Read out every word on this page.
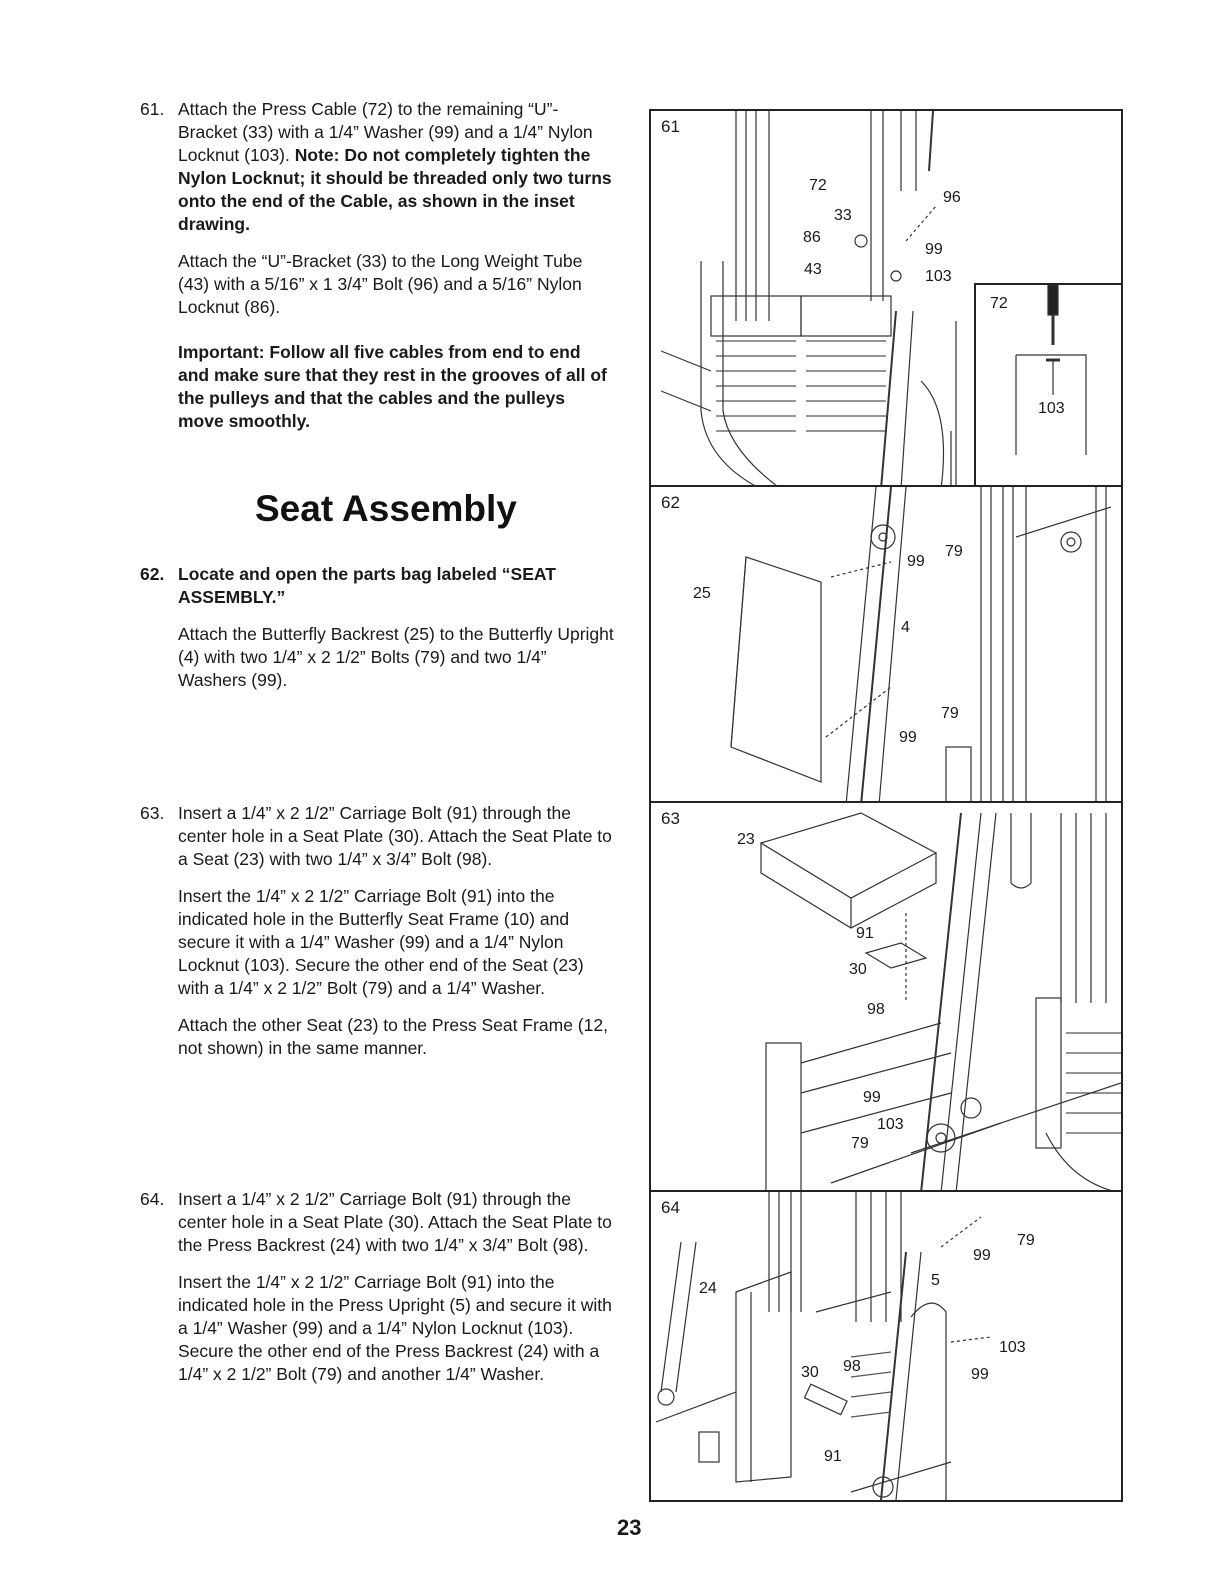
61. Attach the Press Cable (72) to the remaining “U”-Bracket (33) with a 1/4” Washer (99) and a 1/4” Nylon Locknut (103). Note: Do not completely tighten the Nylon Locknut; it should be threaded only two turns onto the end of the Cable, as shown in the inset drawing.

Attach the “U”-Bracket (33) to the Long Weight Tube (43) with a 5/16” x 1 3/4” Bolt (96) and a 5/16” Nylon Locknut (86).

Important: Follow all five cables from end to end and make sure that they rest in the grooves of all of the pulleys and that the cables and the pulleys move smoothly.

Seat Assembly
62. Locate and open the parts bag labeled “SEAT ASSEMBLY.”

Attach the Butterfly Backrest (25) to the Butterfly Upright (4) with two 1/4” x 2 1/2” Bolts (79) and two 1/4” Washers (99).

63. Insert a 1/4” x 2 1/2” Carriage Bolt (91) through the center hole in a Seat Plate (30). Attach the Seat Plate to a Seat (23) with two 1/4” x 3/4” Bolt (98).

Insert the 1/4” x 2 1/2” Carriage Bolt (91) into the indicated hole in the Butterfly Seat Frame (10) and secure it with a 1/4” Washer (99) and a 1/4” Nylon Locknut (103). Secure the other end of the Seat (23) with a 1/4” x 2 1/2” Bolt (79) and a 1/4” Washer.

Attach the other Seat (23) to the Press Seat Frame (12, not shown) in the same manner.

64. Insert a 1/4” x 2 1/2” Carriage Bolt (91) through the center hole in a Seat Plate (30). Attach the Seat Plate to the Press Backrest (24) with two 1/4” x 3/4” Bolt (98).

Insert the 1/4” x 2 1/2” Carriage Bolt (91) into the indicated hole in the Press Upright (5) and secure it with a 1/4” Washer (99) and a 1/4” Nylon Locknut (103). Secure the other end of the Press Backrest (24) with a 1/4” x 2 1/2” Bolt (79) and another 1/4” Washer.

61
72
96
33
86
99
43	103
72
103
62
25
99
79
4
79
99
63
23
91
30
98
99
103
79
64
79
99
24	5
103
30 98	99
91
23
